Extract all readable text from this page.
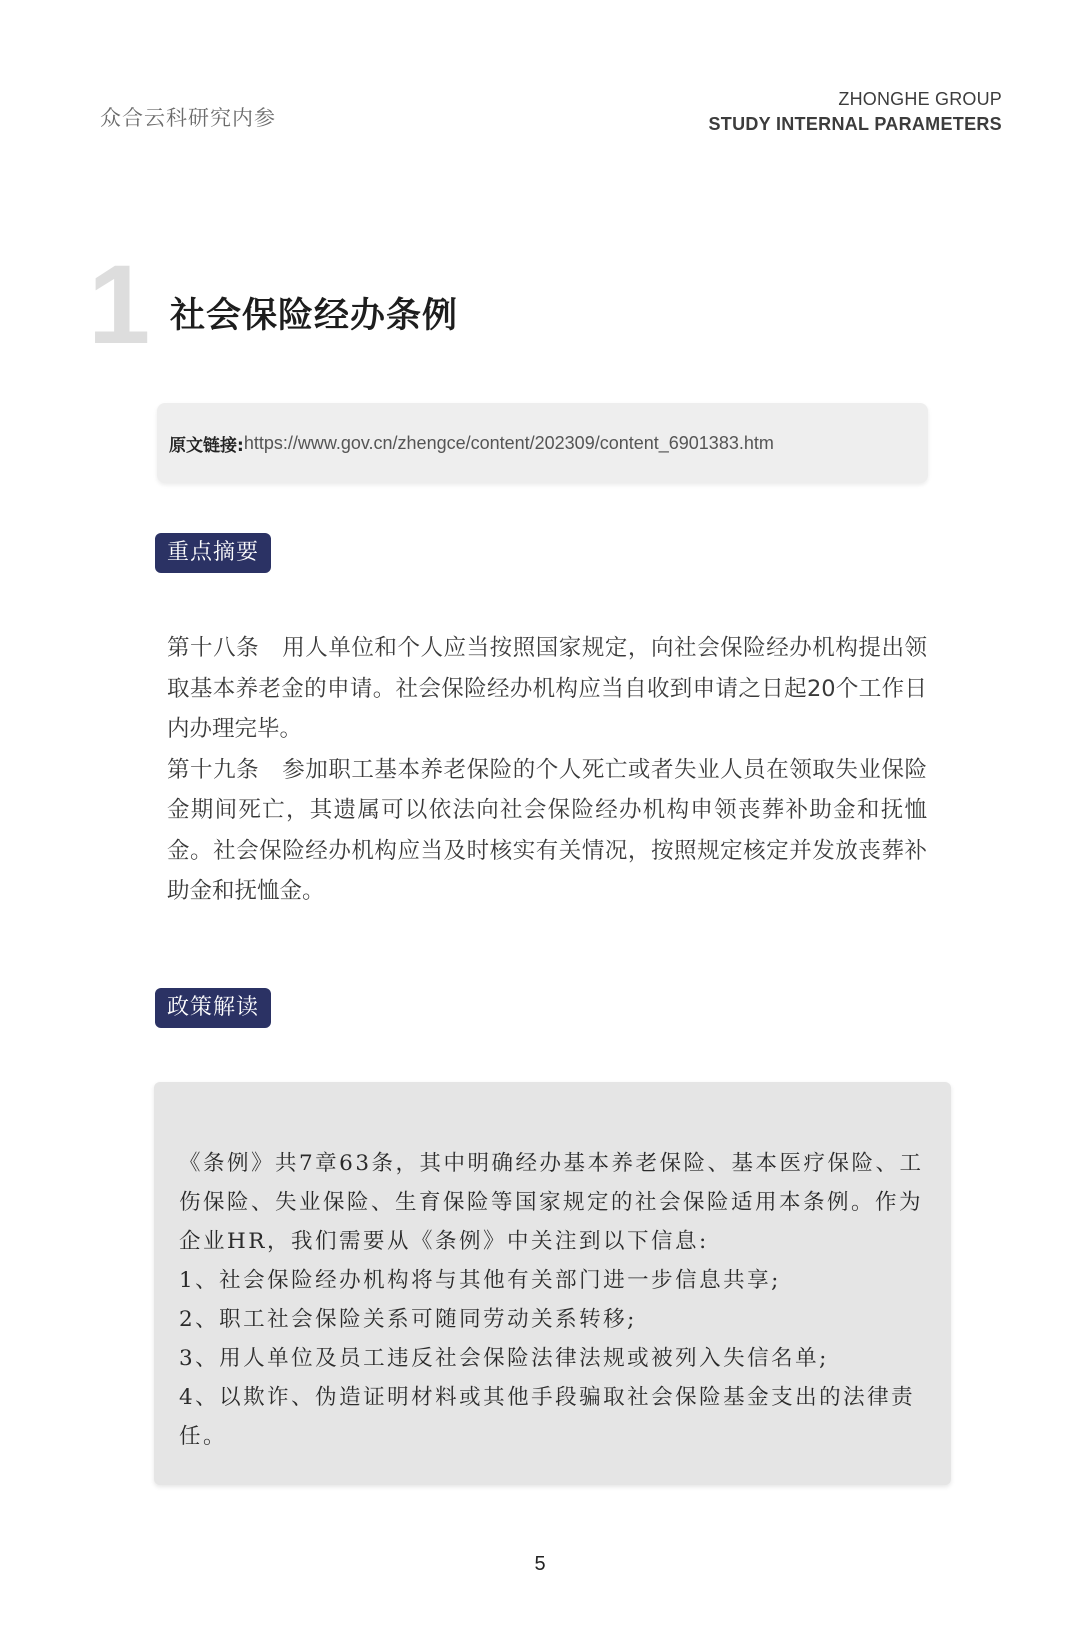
众合云科研究内参
ZHONGHE GROUP
STUDY INTERNAL PARAMETERS
1 社会保险经办条例
原文链接: https://www.gov.cn/zhengce/content/202309/content_6901383.htm
重点摘要

第十八条　用人单位和个人应当按照国家规定，向社会保险经办机构提出领取基本养老金的申请。社会保险经办机构应当自收到申请之日起20个工作日内办理完毕。

第十九条　参加职工基本养老保险的个人死亡或者失业人员在领取失业保险金期间死亡，其遗属可以依法向社会保险经办机构申领丧葬补助金和抚恤金。社会保险经办机构应当及时核实有关情况，按照规定核定并发放丧葬补助金和抚恤金。

政策解读

《条例》共7章63条，其中明确经办基本养老保险、基本医疗保险、工伤保险、失业保险、生育保险等国家规定的社会保险适用本条例。作为企业HR，我们需要从《条例》中关注到以下信息:

1、社会保险经办机构将与其他有关部门进一步信息共享;

2、职工社会保险关系可随同劳动关系转移;

3、用人单位及员工违反社会保险法律法规或被列入失信名单;

4、以欺诈、伪造证明材料或其他手段骗取社会保险基金支出的法律责任。

5
